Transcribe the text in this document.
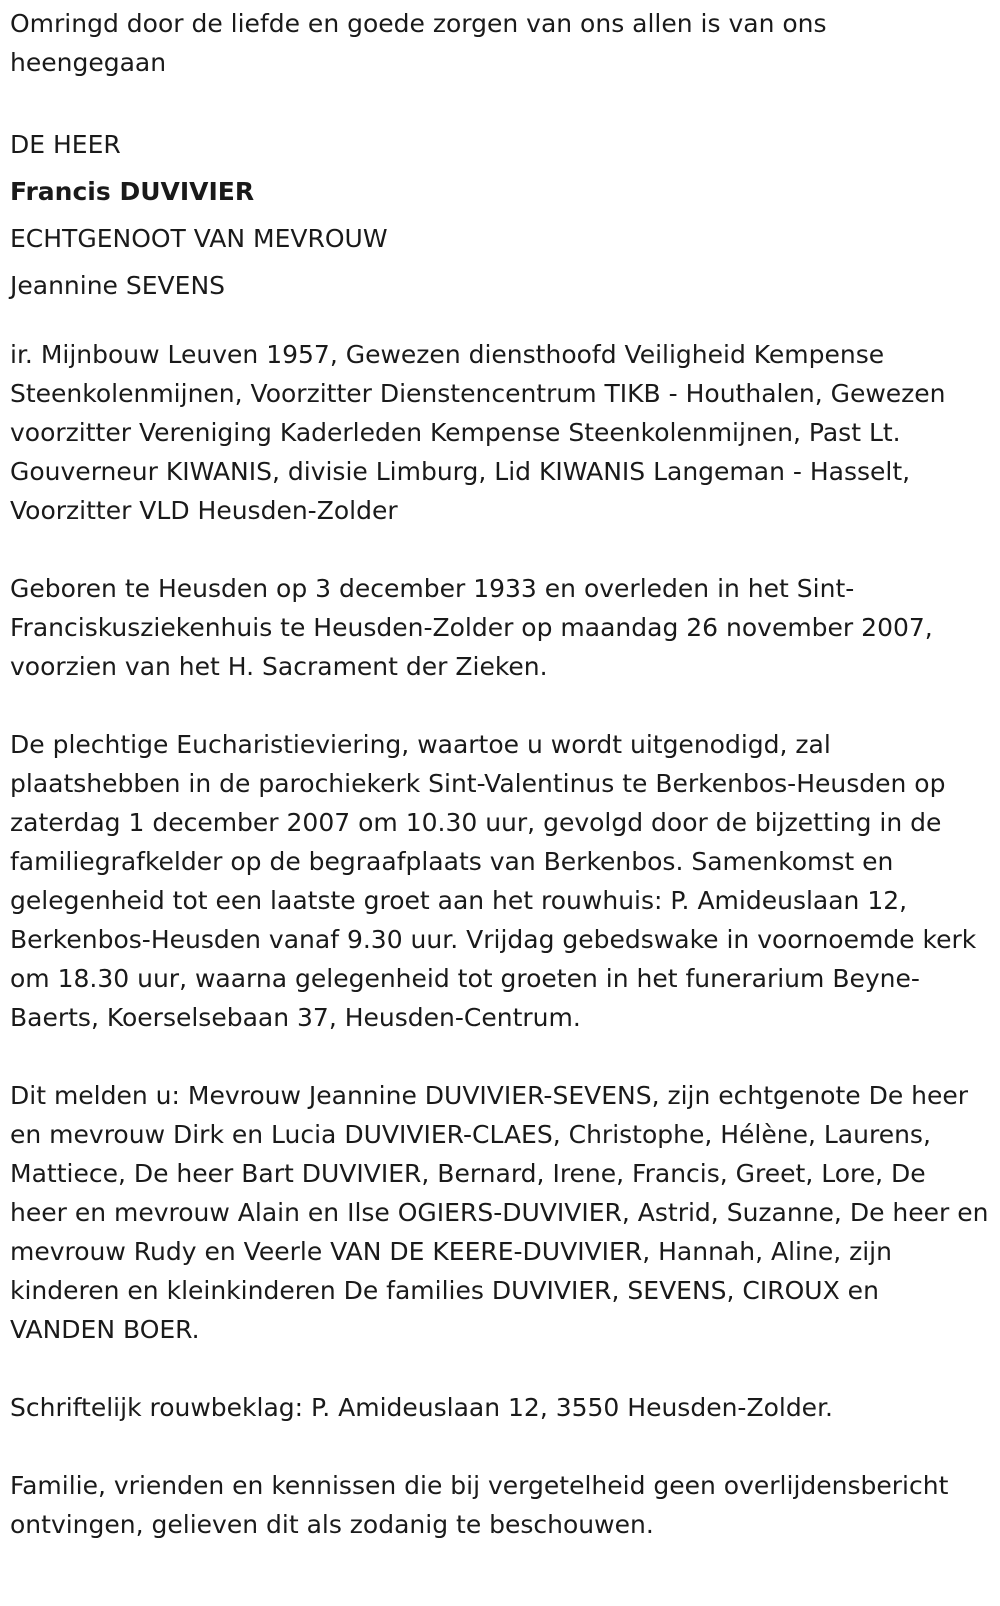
Omringd door de liefde en goede zorgen van ons allen is van ons heengegaan

DE HEER
Francis DUVIVIER
ECHTGENOOT VAN MEVROUW
Jeannine SEVENS

ir. Mijnbouw Leuven 1957, Gewezen diensthoofd Veiligheid Kempense Steenkolenmijnen, Voorzitter Dienstencentrum TIKB - Houthalen, Gewezen voorzitter Vereniging Kaderleden Kempense Steenkolenmijnen, Past Lt. Gouverneur KIWANIS, divisie Limburg, Lid KIWANIS Langeman - Hasselt, Voorzitter VLD Heusden-Zolder

Geboren te Heusden op 3 december 1933 en overleden in het Sint-Franciskusziekenhuis te Heusden-Zolder op maandag 26 november 2007, voorzien van het H. Sacrament der Zieken.

De plechtige Eucharistieviering, waartoe u wordt uitgenodigd, zal plaatshebben in de parochiekerk Sint-Valentinus te Berkenbos-Heusden op zaterdag 1 december 2007 om 10.30 uur, gevolgd door de bijzetting in de familiegrafkelder op de begraafplaats van Berkenbos. Samenkomst en gelegenheid tot een laatste groet aan het rouwhuis: P. Amideuslaan 12, Berkenbos-Heusden vanaf 9.30 uur. Vrijdag gebedswake in voornoemde kerk om 18.30 uur, waarna gelegenheid tot groeten in het funerarium Beyne-Baerts, Koerselsebaan 37, Heusden-Centrum.

Dit melden u: Mevrouw Jeannine DUVIVIER-SEVENS, zijn echtgenote De heer en mevrouw Dirk en Lucia DUVIVIER-CLAES, Christophe, Hélène, Laurens, Mattiece, De heer Bart DUVIVIER, Bernard, Irene, Francis, Greet, Lore, De heer en mevrouw Alain en Ilse OGIERS-DUVIVIER, Astrid, Suzanne, De heer en mevrouw Rudy en Veerle VAN DE KEERE-DUVIVIER, Hannah, Aline, zijn kinderen en kleinkinderen De families DUVIVIER, SEVENS, CIROUX en VANDEN BOER.

Schriftelijk rouwbeklag: P. Amideuslaan 12, 3550 Heusden-Zolder.

Familie, vrienden en kennissen die bij vergetelheid geen overlijdensbericht ontvingen, gelieven dit als zodanig te beschouwen.
